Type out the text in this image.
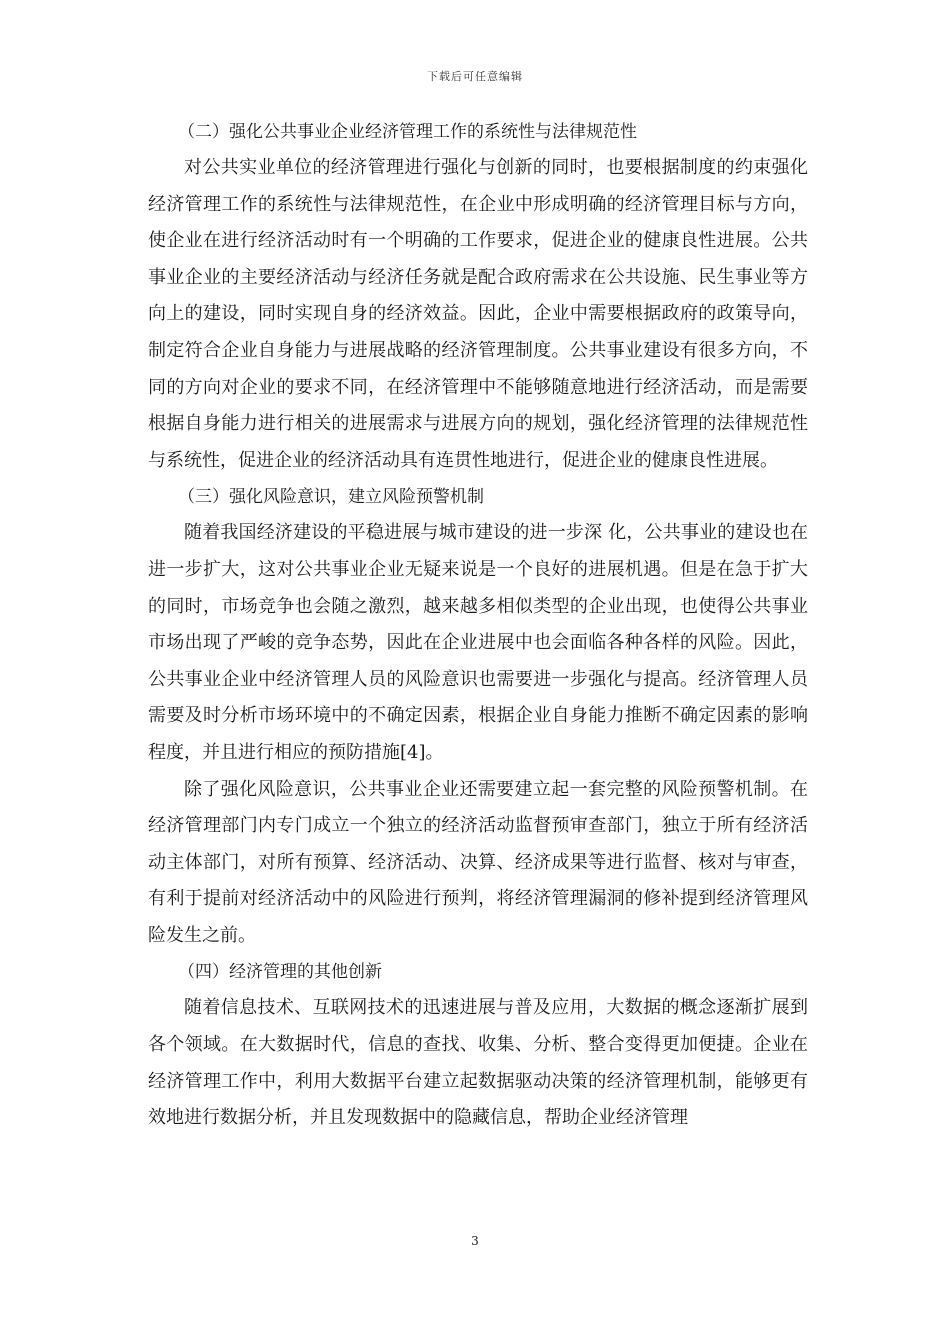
下载后可任意编辑
（二）强化公共事业企业经济管理工作的系统性与法律规范性

对公共实业单位的经济管理进行强化与创新的同时，也要根据制度的约束强化经济管理工作的系统性与法律规范性，在企业中形成明确的经济管理目标与方向，使企业在进行经济活动时有一个明确的工作要求，促进企业的健康良性进展。公共事业企业的主要经济活动与经济任务就是配合政府需求在公共设施、民生事业等方向上的建设，同时实现自身的经济效益。因此，企业中需要根据政府的政策导向，制定符合企业自身能力与进展战略的经济管理制度。公共事业建设有很多方向，不同的方向对企业的要求不同，在经济管理中不能够随意地进行经济活动，而是需要根据自身能力进行相关的进展需求与进展方向的规划，强化经济管理的法律规范性与系统性，促进企业的经济活动具有连贯性地进行，促进企业的健康良性进展。

（三）强化风险意识，建立风险预警机制

随着我国经济建设的平稳进展与城市建设的进一步深 化，公共事业的建设也在进一步扩大，这对公共事业企业无疑来说是一个良好的进展机遇。但是在急于扩大的同时，市场竞争也会随之激烈，越来越多相似类型的企业出现，也使得公共事业市场出现了严峻的竞争态势，因此在企业进展中也会面临各种各样的风险。因此，公共事业企业中经济管理人员的风险意识也需要进一步强化与提高。经济管理人员需要及时分析市场环境中的不确定因素，根据企业自身能力推断不确定因素的影响程度，并且进行相应的预防措施[4]。

除了强化风险意识，公共事业企业还需要建立起一套完整的风险预警机制。在经济管理部门内专门成立一个独立的经济活动监督预审查部门，独立于所有经济活动主体部门，对所有预算、经济活动、决算、经济成果等进行监督、核对与审查，有利于提前对经济活动中的风险进行预判，将经济管理漏洞的修补提到经济管理风险发生之前。

（四）经济管理的其他创新

随着信息技术、互联网技术的迅速进展与普及应用，大数据的概念逐渐扩展到各个领域。在大数据时代，信息的查找、收集、分析、整合变得更加便捷。企业在经济管理工作中，利用大数据平台建立起数据驱动决策的经济管理机制，能够更有效地进行数据分析，并且发现数据中的隐藏信息，帮助企业经济管理

3
